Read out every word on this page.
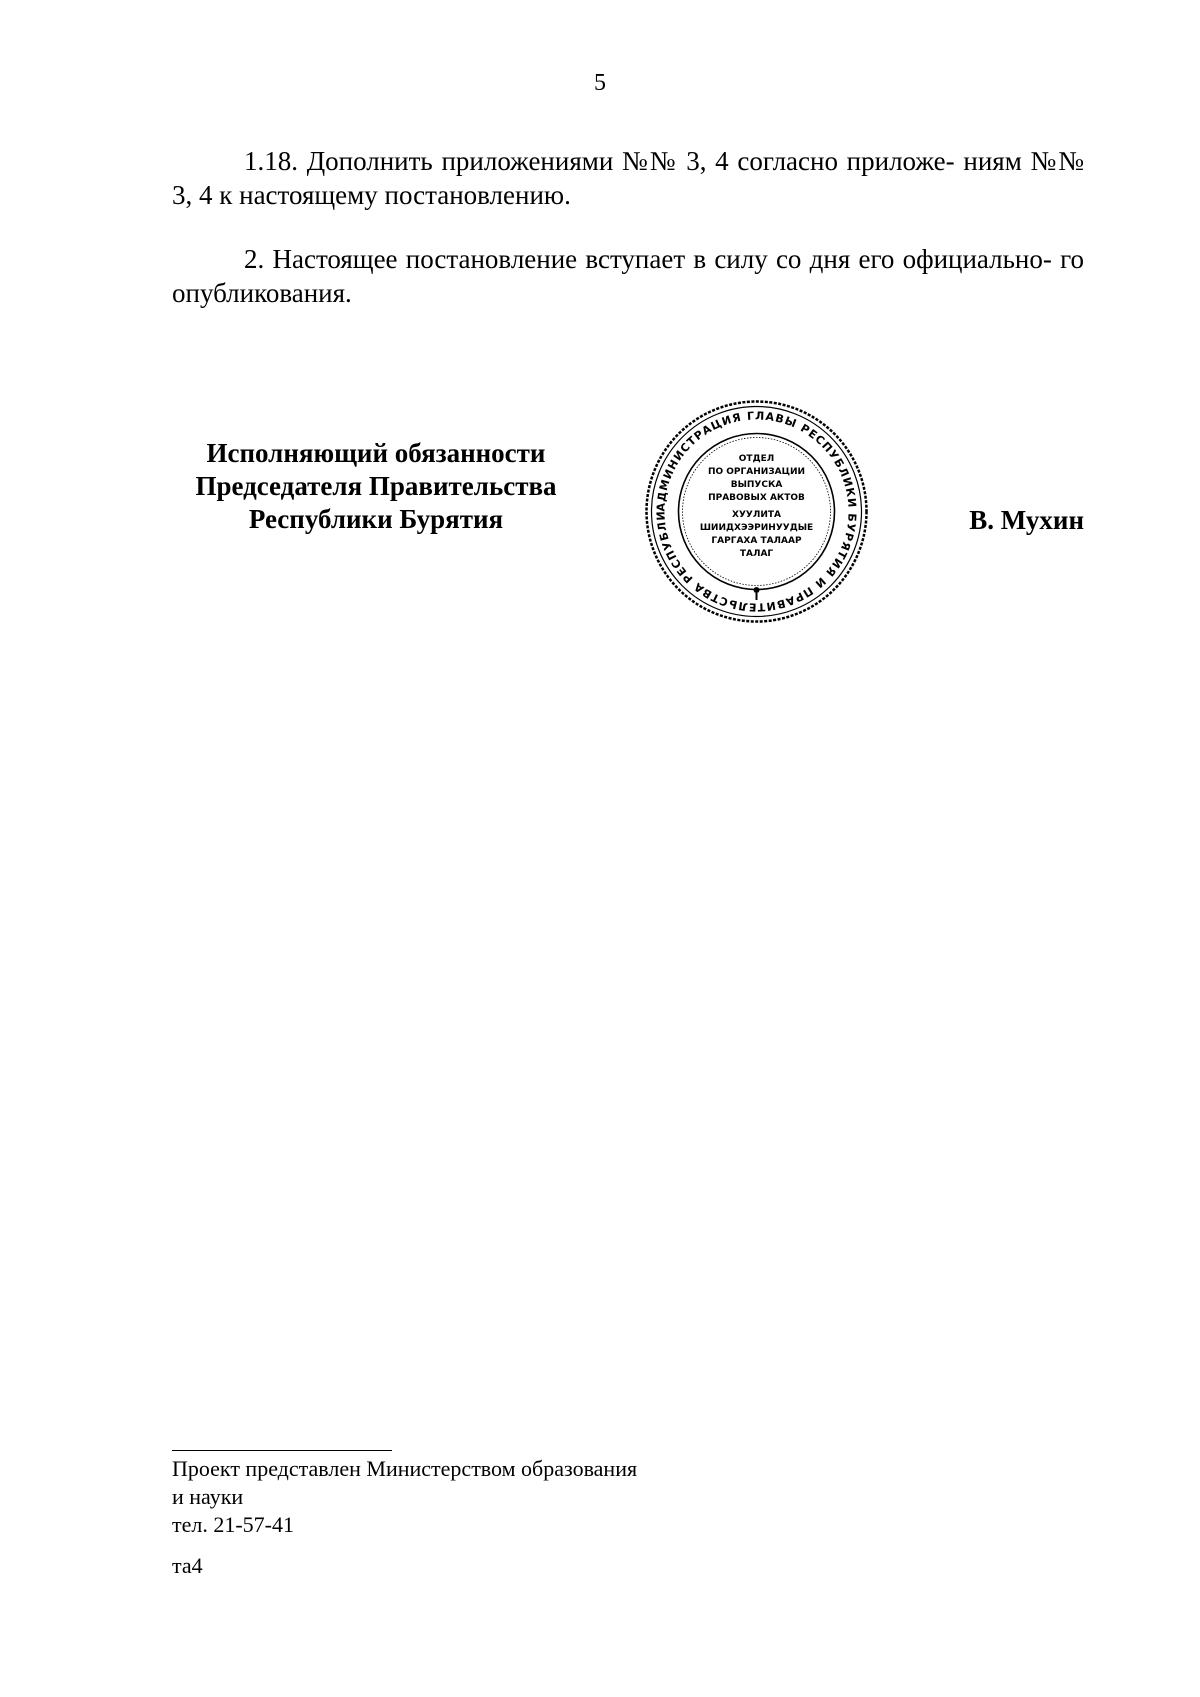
5

1.18. Дополнить приложениями №№ 3, 4 согласно приложе- ниям №№ 3, 4 к настоящему постановлению.

2. Настоящее постановление вступает в силу со дня его официально- го опубликования.

Исполняющий обязанности
Председателя Правительства
Республики Бурятия	АДМИНИСТРАЦИЯ ГЛАВЫ РЕСПУБЛИКИ БУРЯТИЯ И ПРАВИТЕЛЬСТВА РЕСПУБЛИ
ОТДЕЛ
ПО ОРГАНИЗАЦИИ
ВЫПУСКА
ПРАВОВЫХ АКТОВ
ХУУЛИТА
ШИИДХЭЭРИНУУДЫЕ
ГАРГАХА ТАЛААР
ТАЛАГ
В. Мухин
Проект представлен Министерством образования
и науки
тел. 21-57-41
та4
